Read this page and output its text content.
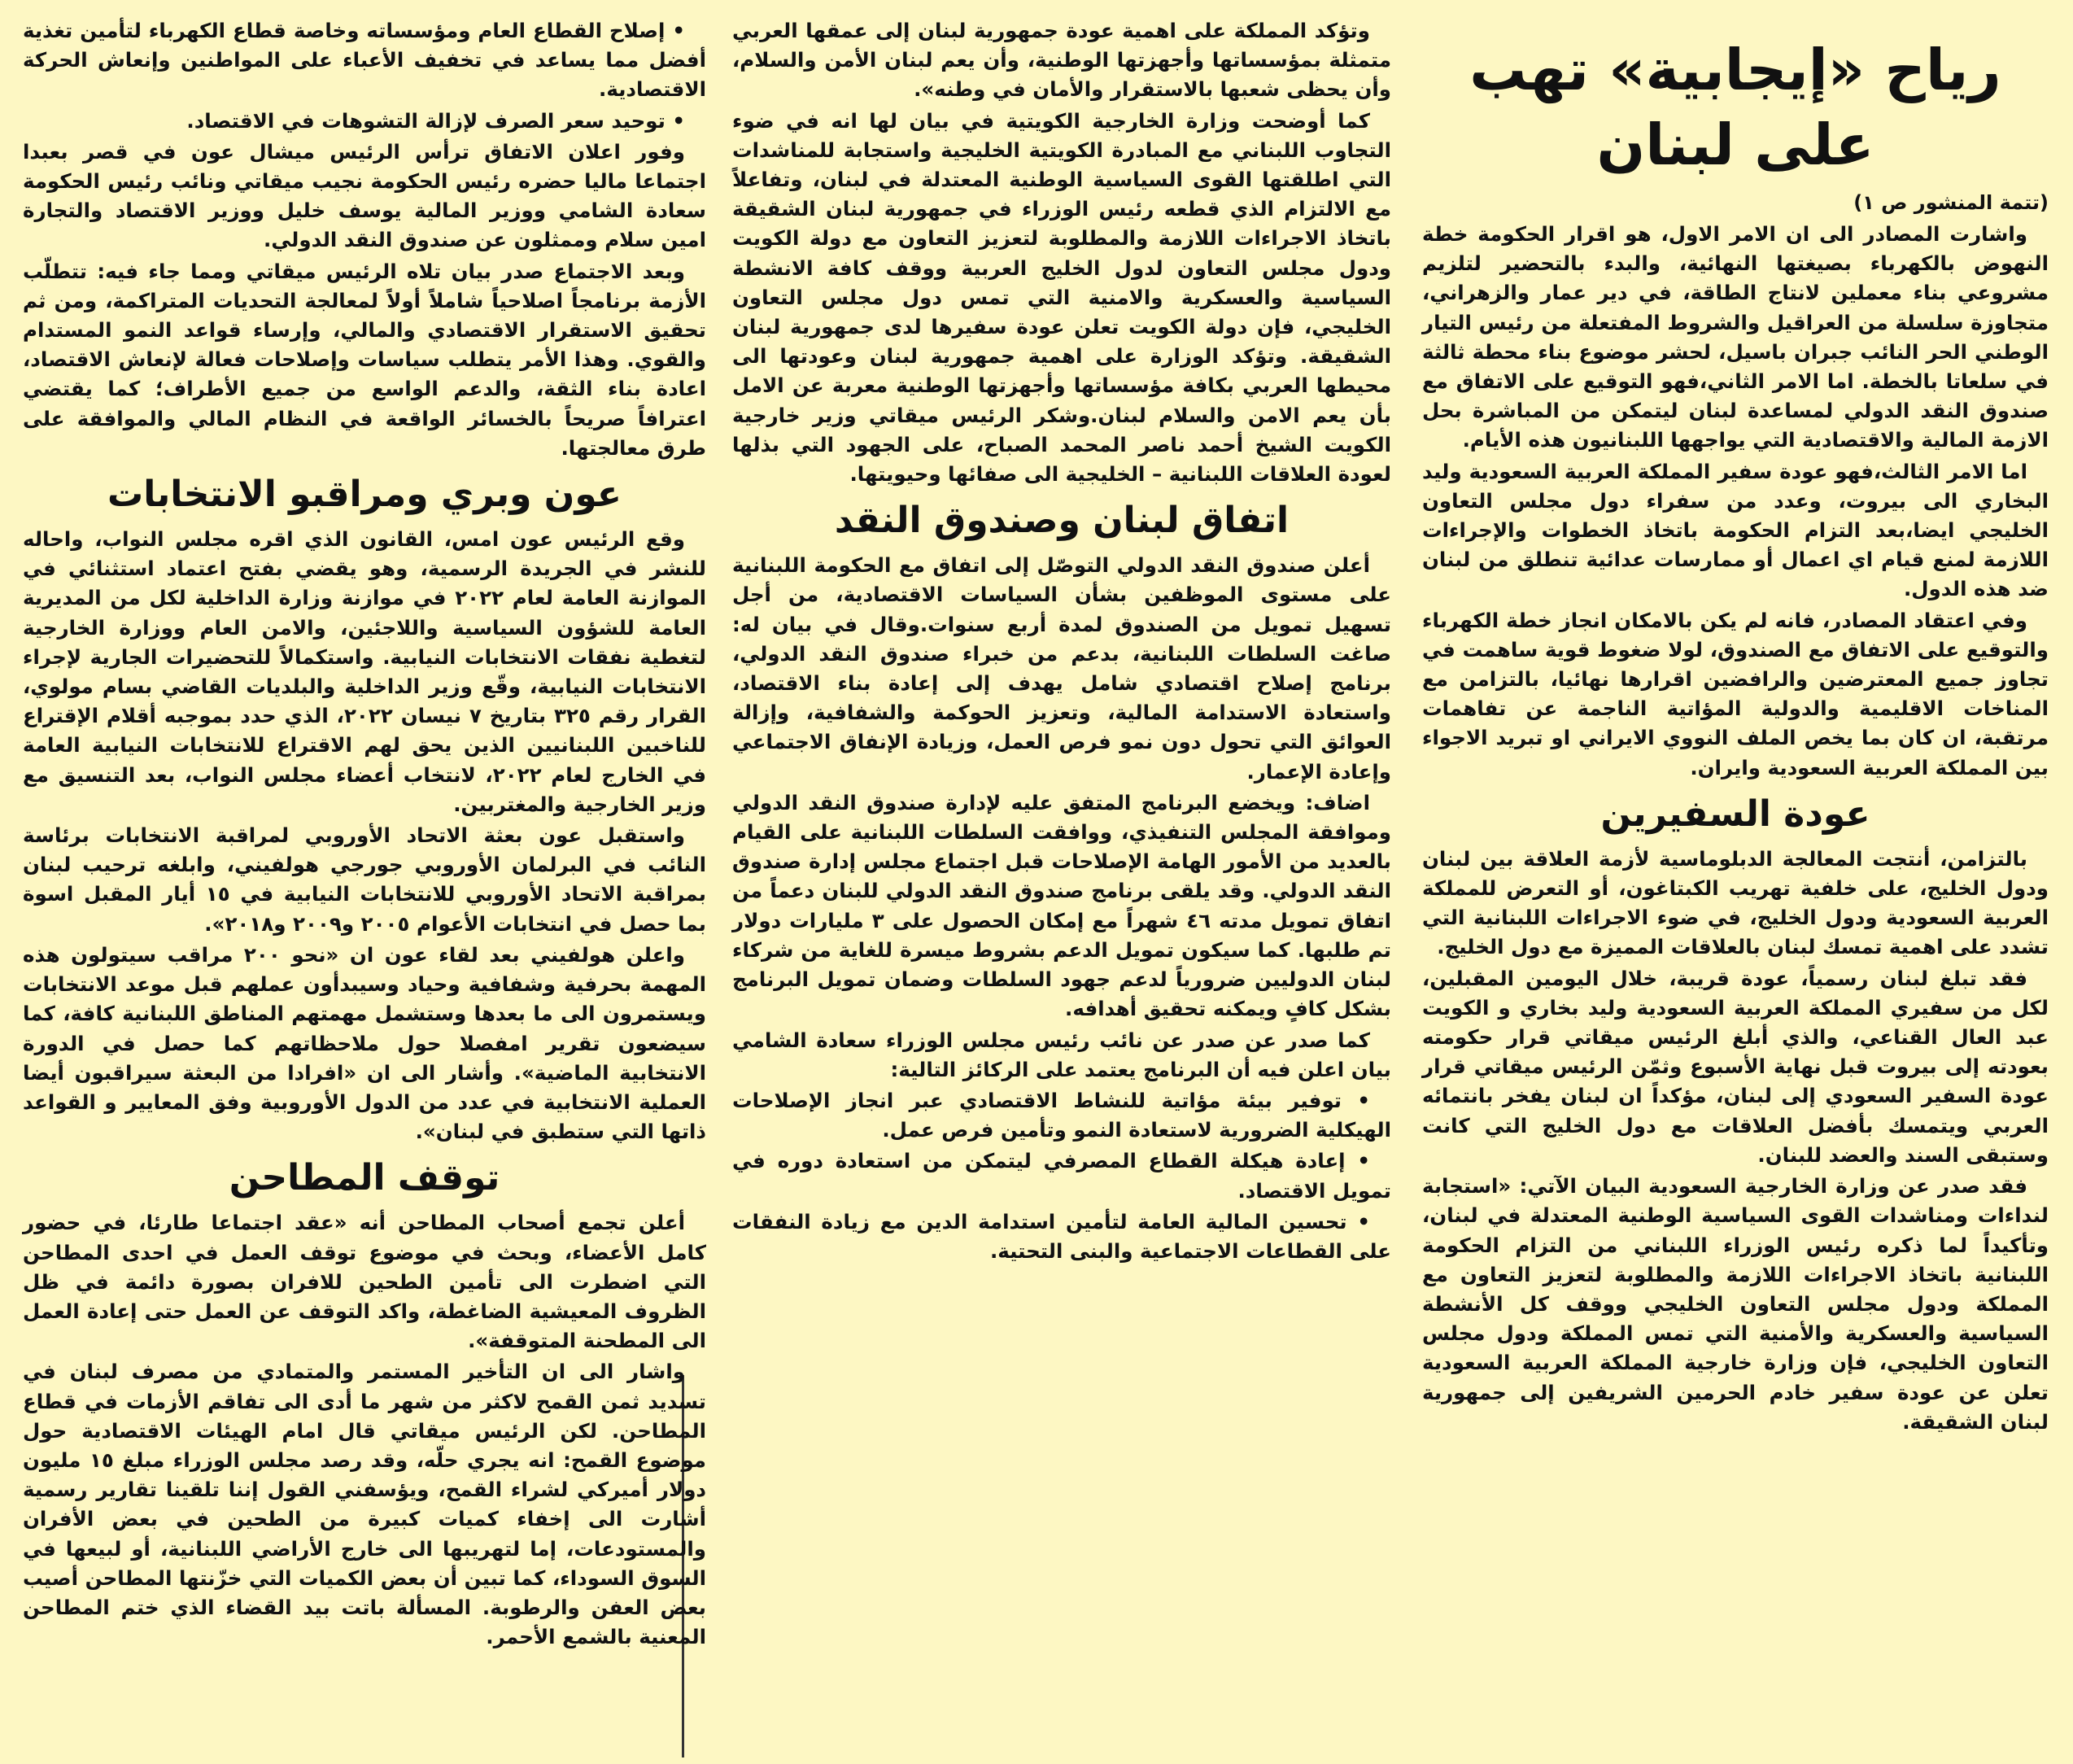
رياح «إيجابية» تهب على لبنان
(تتمة المنشور ص ١)

واشارت المصادر الى ان الامر الاول، هو اقرار الحكومة خطة النهوض بالكهرباء بصيغتها النهائية، والبدء بالتحضير لتلزيم مشروعي بناء معملين لانتاج الطاقة، في دير عمار والزهراني، متجاوزة سلسلة من العراقيل والشروط المفتعلة من رئيس التيار الوطني الحر النائب جبران باسيل، لحشر موضوع بناء محطة ثالثة في سلعاتا بالخطة. اما الامر الثاني،فهو التوقيع على الاتفاق مع صندوق النقد الدولي لمساعدة لبنان ليتمكن من المباشرة بحل الازمة المالية والاقتصادية التي يواجهها اللبنانيون هذه الأيام.

اما الامر الثالث،فهو عودة سفير المملكة العربية السعودية وليد البخاري الى بيروت، وعدد من سفراء دول مجلس التعاون الخليجي ايضا،بعد التزام الحكومة باتخاذ الخطوات والإجراءات اللازمة لمنع قيام اي اعمال أو ممارسات عدائية تنطلق من لبنان ضد هذه الدول.

وفي اعتقاد المصادر، فانه لم يكن بالامكان انجاز خطة الكهرباء والتوقيع على الاتفاق مع الصندوق، لولا ضغوط قوية ساهمت في تجاوز جميع المعترضين والرافضين اقرارها نهائيا، بالتزامن مع المناخات الاقليمية والدولية المؤاتية الناجمة عن تفاهمات مرتقبة، ان كان بما يخص الملف النووي الايراني او تبريد الاجواء بين المملكة العربية السعودية وايران.

عودة السفيرين

بالتزامن، أنتجت المعالجة الدبلوماسية لأزمة العلاقة بين لبنان ودول الخليج، على خلفية تهريب الكبتاغون، أو التعرض للمملكة العربية السعودية ودول الخليج، في ضوء الاجراءات اللبنانية التي تشدد على اهمية تمسك لبنان بالعلاقات المميزة مع دول الخليج.

فقد تبلغ لبنان رسمياً، عودة قريبة، خلال اليومين المقبلين، لكل من سفيري المملكة العربية السعودية وليد بخاري و الكويت عبد العال القناعي، والذي أبلغ الرئيس ميقاتي قرار حكومته بعودته إلى بيروت قبل نهاية الأسبوع وثمّن الرئيس ميقاتي قرار عودة السفير السعودي إلى لبنان، مؤكداً ان لبنان يفخر بانتمائه العربي ويتمسك بأفضل العلاقات مع دول الخليج التي كانت وستبقى السند والعضد للبنان.

فقد صدر عن وزارة الخارجية السعودية البيان الآتي: «استجابة لنداءات ومناشدات القوى السياسية الوطنية المعتدلة في لبنان، وتأكيداً لما ذكره رئيس الوزراء اللبناني من التزام الحكومة اللبنانية باتخاذ الاجراءات اللازمة والمطلوبة لتعزيز التعاون مع المملكة ودول مجلس التعاون الخليجي ووقف كل الأنشطة السياسية والعسكرية والأمنية التي تمس المملكة ودول مجلس التعاون الخليجي، فإن وزارة خارجية المملكة العربية السعودية تعلن عن عودة سفير خادم الحرمين الشريفين إلى جمهورية لبنان الشقيقة.

وتؤكد المملكة على اهمية عودة جمهورية لبنان إلى عمقها العربي متمثلة بمؤسساتها وأجهزتها الوطنية، وأن يعم لبنان الأمن والسلام، وأن يحظى شعبها بالاستقرار والأمان في وطنه».

كما أوضحت وزارة الخارجية الكويتية في بيان لها انه في ضوء التجاوب اللبناني مع المبادرة الكويتية الخليجية واستجابة للمناشدات التي اطلقتها القوى السياسية الوطنية المعتدلة في لبنان، وتفاعلاً مع الالتزام الذي قطعه رئيس الوزراء في جمهورية لبنان الشقيقة باتخاذ الاجراءات اللازمة والمطلوبة لتعزيز التعاون مع دولة الكويت ودول مجلس التعاون لدول الخليج العربية ووقف كافة الانشطة السياسية والعسكرية والامنية التي تمس دول مجلس التعاون الخليجي، فإن دولة الكويت تعلن عودة سفيرها لدى جمهورية لبنان الشقيقة. وتؤكد الوزارة على اهمية جمهورية لبنان وعودتها الى محيطها العربي بكافة مؤسساتها وأجهزتها الوطنية معربة عن الامل بأن يعم الامن والسلام لبنان.وشكر الرئيس ميقاتي وزير خارجية الكويت الشيخ أحمد ناصر المحمد الصباح، على الجهود التي بذلها لعودة العلاقات اللبنانية – الخليجية الى صفائها وحيويتها.

اتفاق لبنان وصندوق النقد

أعلن صندوق النقد الدولي التوصّل إلى اتفاق مع الحكومة اللبنانية على مستوى الموظفين بشأن السياسات الاقتصادية، من أجل تسهيل تمويل من الصندوق لمدة أربع سنوات.وقال في بيان له: صاغت السلطات اللبنانية، بدعم من خبراء صندوق النقد الدولي، برنامج إصلاح اقتصادي شامل يهدف إلى إعادة بناء الاقتصاد، واستعادة الاستدامة المالية، وتعزيز الحوكمة والشفافية، وإزالة العوائق التي تحول دون نمو فرص العمل، وزيادة الإنفاق الاجتماعي وإعادة الإعمار.

اضاف: ويخضع البرنامج المتفق عليه لإدارة صندوق النقد الدولي وموافقة المجلس التنفيذي، ووافقت السلطات اللبنانية على القيام بالعديد من الأمور الهامة الإصلاحات قبل اجتماع مجلس إدارة صندوق النقد الدولي. وقد يلقى برنامج صندوق النقد الدولي للبنان دعماً من اتفاق تمويل مدته ٤٦ شهراً مع إمكان الحصول على ٣ مليارات دولار تم طلبها. كما سيكون تمويل الدعم بشروط ميسرة للغاية من شركاء لبنان الدوليين ضرورياً لدعم جهود السلطات وضمان تمويل البرنامج بشكل كافٍ ويمكنه تحقيق أهدافه.

كما صدر عن صدر عن نائب رئيس مجلس الوزراء سعادة الشامي بيان اعلن فيه أن البرنامج يعتمد على الركائز التالية:

• توفير بيئة مؤاتية للنشاط الاقتصادي عبر انجاز الإصلاحات الهيكلية الضرورية لاستعادة النمو وتأمين فرص عمل.

• إعادة هيكلة القطاع المصرفي ليتمكن من استعادة دوره في تمويل الاقتصاد.

• تحسين المالية العامة لتأمين استدامة الدين مع زيادة النفقات على القطاعات الاجتماعية والبنى التحتية.

• إصلاح القطاع العام ومؤسساته وخاصة قطاع الكهرباء لتأمين تغذية أفضل مما يساعد في تخفيف الأعباء على المواطنين وإنعاش الحركة الاقتصادية.

• توحيد سعر الصرف لإزالة التشوهات في الاقتصاد.

وفور اعلان الاتفاق ترأس الرئيس ميشال عون في قصر بعبدا اجتماعا ماليا حضره رئيس الحكومة نجيب ميقاتي ونائب رئيس الحكومة سعادة الشامي ووزير المالية يوسف خليل ووزير الاقتصاد والتجارة امين سلام وممثلون عن صندوق النقد الدولي.

وبعد الاجتماع صدر بيان تلاه الرئيس ميقاتي ومما جاء فيه: تتطلّب الأزمة برنامجاً اصلاحياً شاملاً أولاً لمعالجة التحديات المتراكمة، ومن ثم تحقيق الاستقرار الاقتصادي والمالي، وإرساء قواعد النمو المستدام والقوي. وهذا الأمر يتطلب سياسات وإصلاحات فعالة لإنعاش الاقتصاد، اعادة بناء الثقة، والدعم الواسع من جميع الأطراف؛ كما يقتضي اعترافاً صريحاً بالخسائر الواقعة في النظام المالي والموافقة على طرق معالجتها.

عون وبري ومراقبو الانتخابات

وقع الرئيس عون امس، القانون الذي اقره مجلس النواب، واحاله للنشر في الجريدة الرسمية، وهو يقضي بفتح اعتماد استثنائي في الموازنة العامة لعام ٢٠٢٢ في موازنة وزارة الداخلية لكل من المديرية العامة للشؤون السياسية واللاجئين، والامن العام ووزارة الخارجية لتغطية نفقات الانتخابات النيابية. واستكمالاً للتحضيرات الجارية لإجراء الانتخابات النيابية، وقّع وزير الداخلية والبلديات القاضي بسام مولوي، القرار رقم ٣٢٥ بتاريخ ٧ نيسان ٢٠٢٢، الذي حدد بموجبه أقلام الإقتراع للناخبين اللبنانيين الذين يحق لهم الاقتراع للانتخابات النيابية العامة في الخارج لعام ٢٠٢٢، لانتخاب أعضاء مجلس النواب، بعد التنسيق مع وزير الخارجية والمغتربين.

واستقبل عون بعثة الاتحاد الأوروبي لمراقبة الانتخابات برئاسة النائب في البرلمان الأوروبي جورجي هولفيني، وابلغه ترحيب لبنان بمراقبة الاتحاد الأوروبي للانتخابات النيابية في ١٥ أيار المقبل اسوة بما حصل في انتخابات الأعوام ٢٠٠٥ و٢٠٠٩ و٢٠١٨».

واعلن هولفيني بعد لقاء عون ان «نحو ٢٠٠ مراقب سيتولون هذه المهمة بحرفية وشفافية وحياد وسيبدأون عملهم قبل موعد الانتخابات ويستمرون الى ما بعدها وستشمل مهمتهم المناطق اللبنانية كافة، كما سيضعون تقرير امفصلا حول ملاحظاتهم كما حصل في الدورة الانتخابية الماضية». وأشار الى ان «افرادا من البعثة سيراقبون أيضا العملية الانتخابية في عدد من الدول الأوروبية وفق المعايير و القواعد ذاتها التي ستطبق في لبنان».

توقف المطاحن

أعلن تجمع أصحاب المطاحن أنه «عقد اجتماعا طارئا، في حضور كامل الأعضاء، وبحث في موضوع توقف العمل في احدى المطاحن التي اضطرت الى تأمين الطحين للافران بصورة دائمة في ظل الظروف المعيشية الضاغطة، واكد التوقف عن العمل حتى إعادة العمل الى المطحنة المتوقفة».

واشار الى ان التأخير المستمر والمتمادي من مصرف لبنان في تسديد ثمن القمح لاكثر من شهر ما أدى الى تفاقم الأزمات في قطاع المطاحن. لكن الرئيس ميقاتي قال امام الهيئات الاقتصادية حول موضوع القمح: انه يجري حلّه، وقد رصد مجلس الوزراء مبلغ ١٥ مليون دولار أميركي لشراء القمح، ويؤسفني القول إننا تلقينا تقارير رسمية أشارت الى إخفاء كميات كبيرة من الطحين في بعض الأفران والمستودعات، إما لتهريبها الى خارج الأراضي اللبنانية، أو لبيعها في السوق السوداء، كما تبين أن بعض الكميات التي خزّنتها المطاحن أصيب بعض العفن والرطوبة. المسألة باتت بيد القضاء الذي ختم المطاحن المعنية بالشمع الأحمر.
